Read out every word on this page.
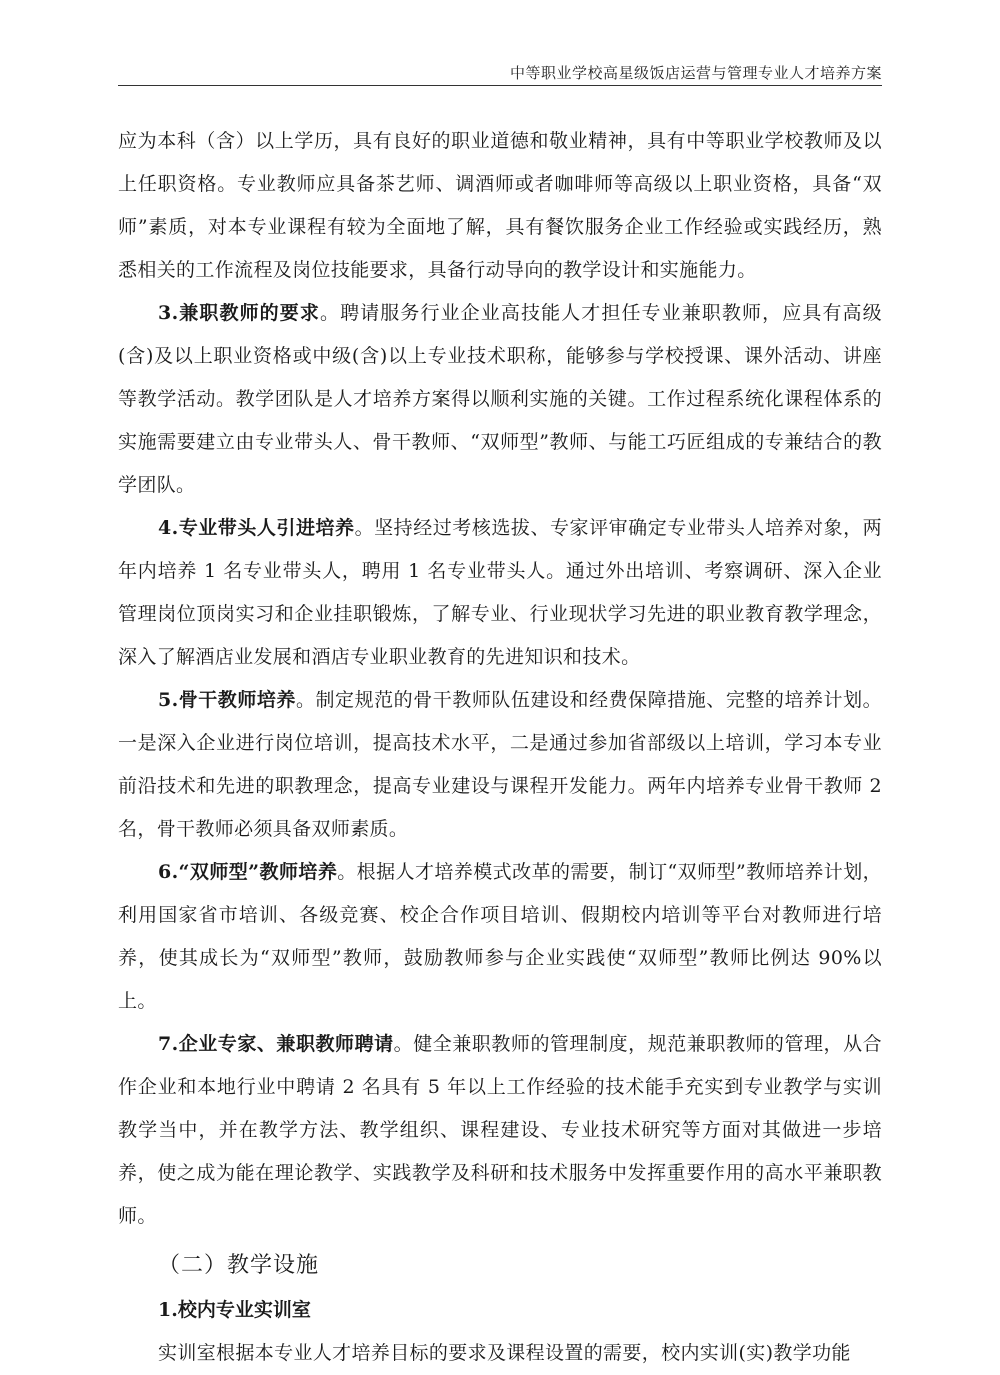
中等职业学校高星级饭店运营与管理专业人才培养方案

应为本科（含）以上学历，具有良好的职业道德和敬业精神，具有中等职业学校教师及以上任职资格。专业教师应具备茶艺师、调酒师或者咖啡师等高级以上职业资格，具备“双师”素质，对本专业课程有较为全面地了解，具有餐饮服务企业工作经验或实践经历，熟悉相关的工作流程及岗位技能要求，具备行动导向的教学设计和实施能力。

3.兼职教师的要求。聘请服务行业企业高技能人才担任专业兼职教师，应具有高级(含)及以上职业资格或中级(含)以上专业技术职称，能够参与学校授课、课外活动、讲座等教学活动。教学团队是人才培养方案得以顺利实施的关键。工作过程系统化课程体系的实施需要建立由专业带头人、骨干教师、“双师型”教师、与能工巧匠组成的专兼结合的教学团队。

4.专业带头人引进培养。坚持经过考核选拔、专家评审确定专业带头人培养对象，两年内培养 1 名专业带头人，聘用 1 名专业带头人。通过外出培训、考察调研、深入企业管理岗位顶岗实习和企业挂职锻炼，了解专业、行业现状学习先进的职业教育教学理念，深入了解酒店业发展和酒店专业职业教育的先进知识和技术。

5.骨干教师培养。制定规范的骨干教师队伍建设和经费保障措施、完整的培养计划。一是深入企业进行岗位培训，提高技术水平，二是通过参加省部级以上培训，学习本专业前沿技术和先进的职教理念，提高专业建设与课程开发能力。两年内培养专业骨干教师 2 名，骨干教师必须具备双师素质。

6.“双师型”教师培养。根据人才培养模式改革的需要，制订“双师型”教师培养计划，利用国家省市培训、各级竞赛、校企合作项目培训、假期校内培训等平台对教师进行培养，使其成长为“双师型”教师，鼓励教师参与企业实践使“双师型”教师比例达 90%以上。

7.企业专家、兼职教师聘请。健全兼职教师的管理制度，规范兼职教师的管理，从合作企业和本地行业中聘请 2 名具有 5 年以上工作经验的技术能手充实到专业教学与实训教学当中，并在教学方法、教学组织、课程建设、专业技术研究等方面对其做进一步培养，使之成为能在理论教学、实践教学及科研和技术服务中发挥重要作用的高水平兼职教师。

（二）教学设施
1.校内专业实训室

实训室根据本专业人才培养目标的要求及课程设置的需要，校内实训(实)教学功能
